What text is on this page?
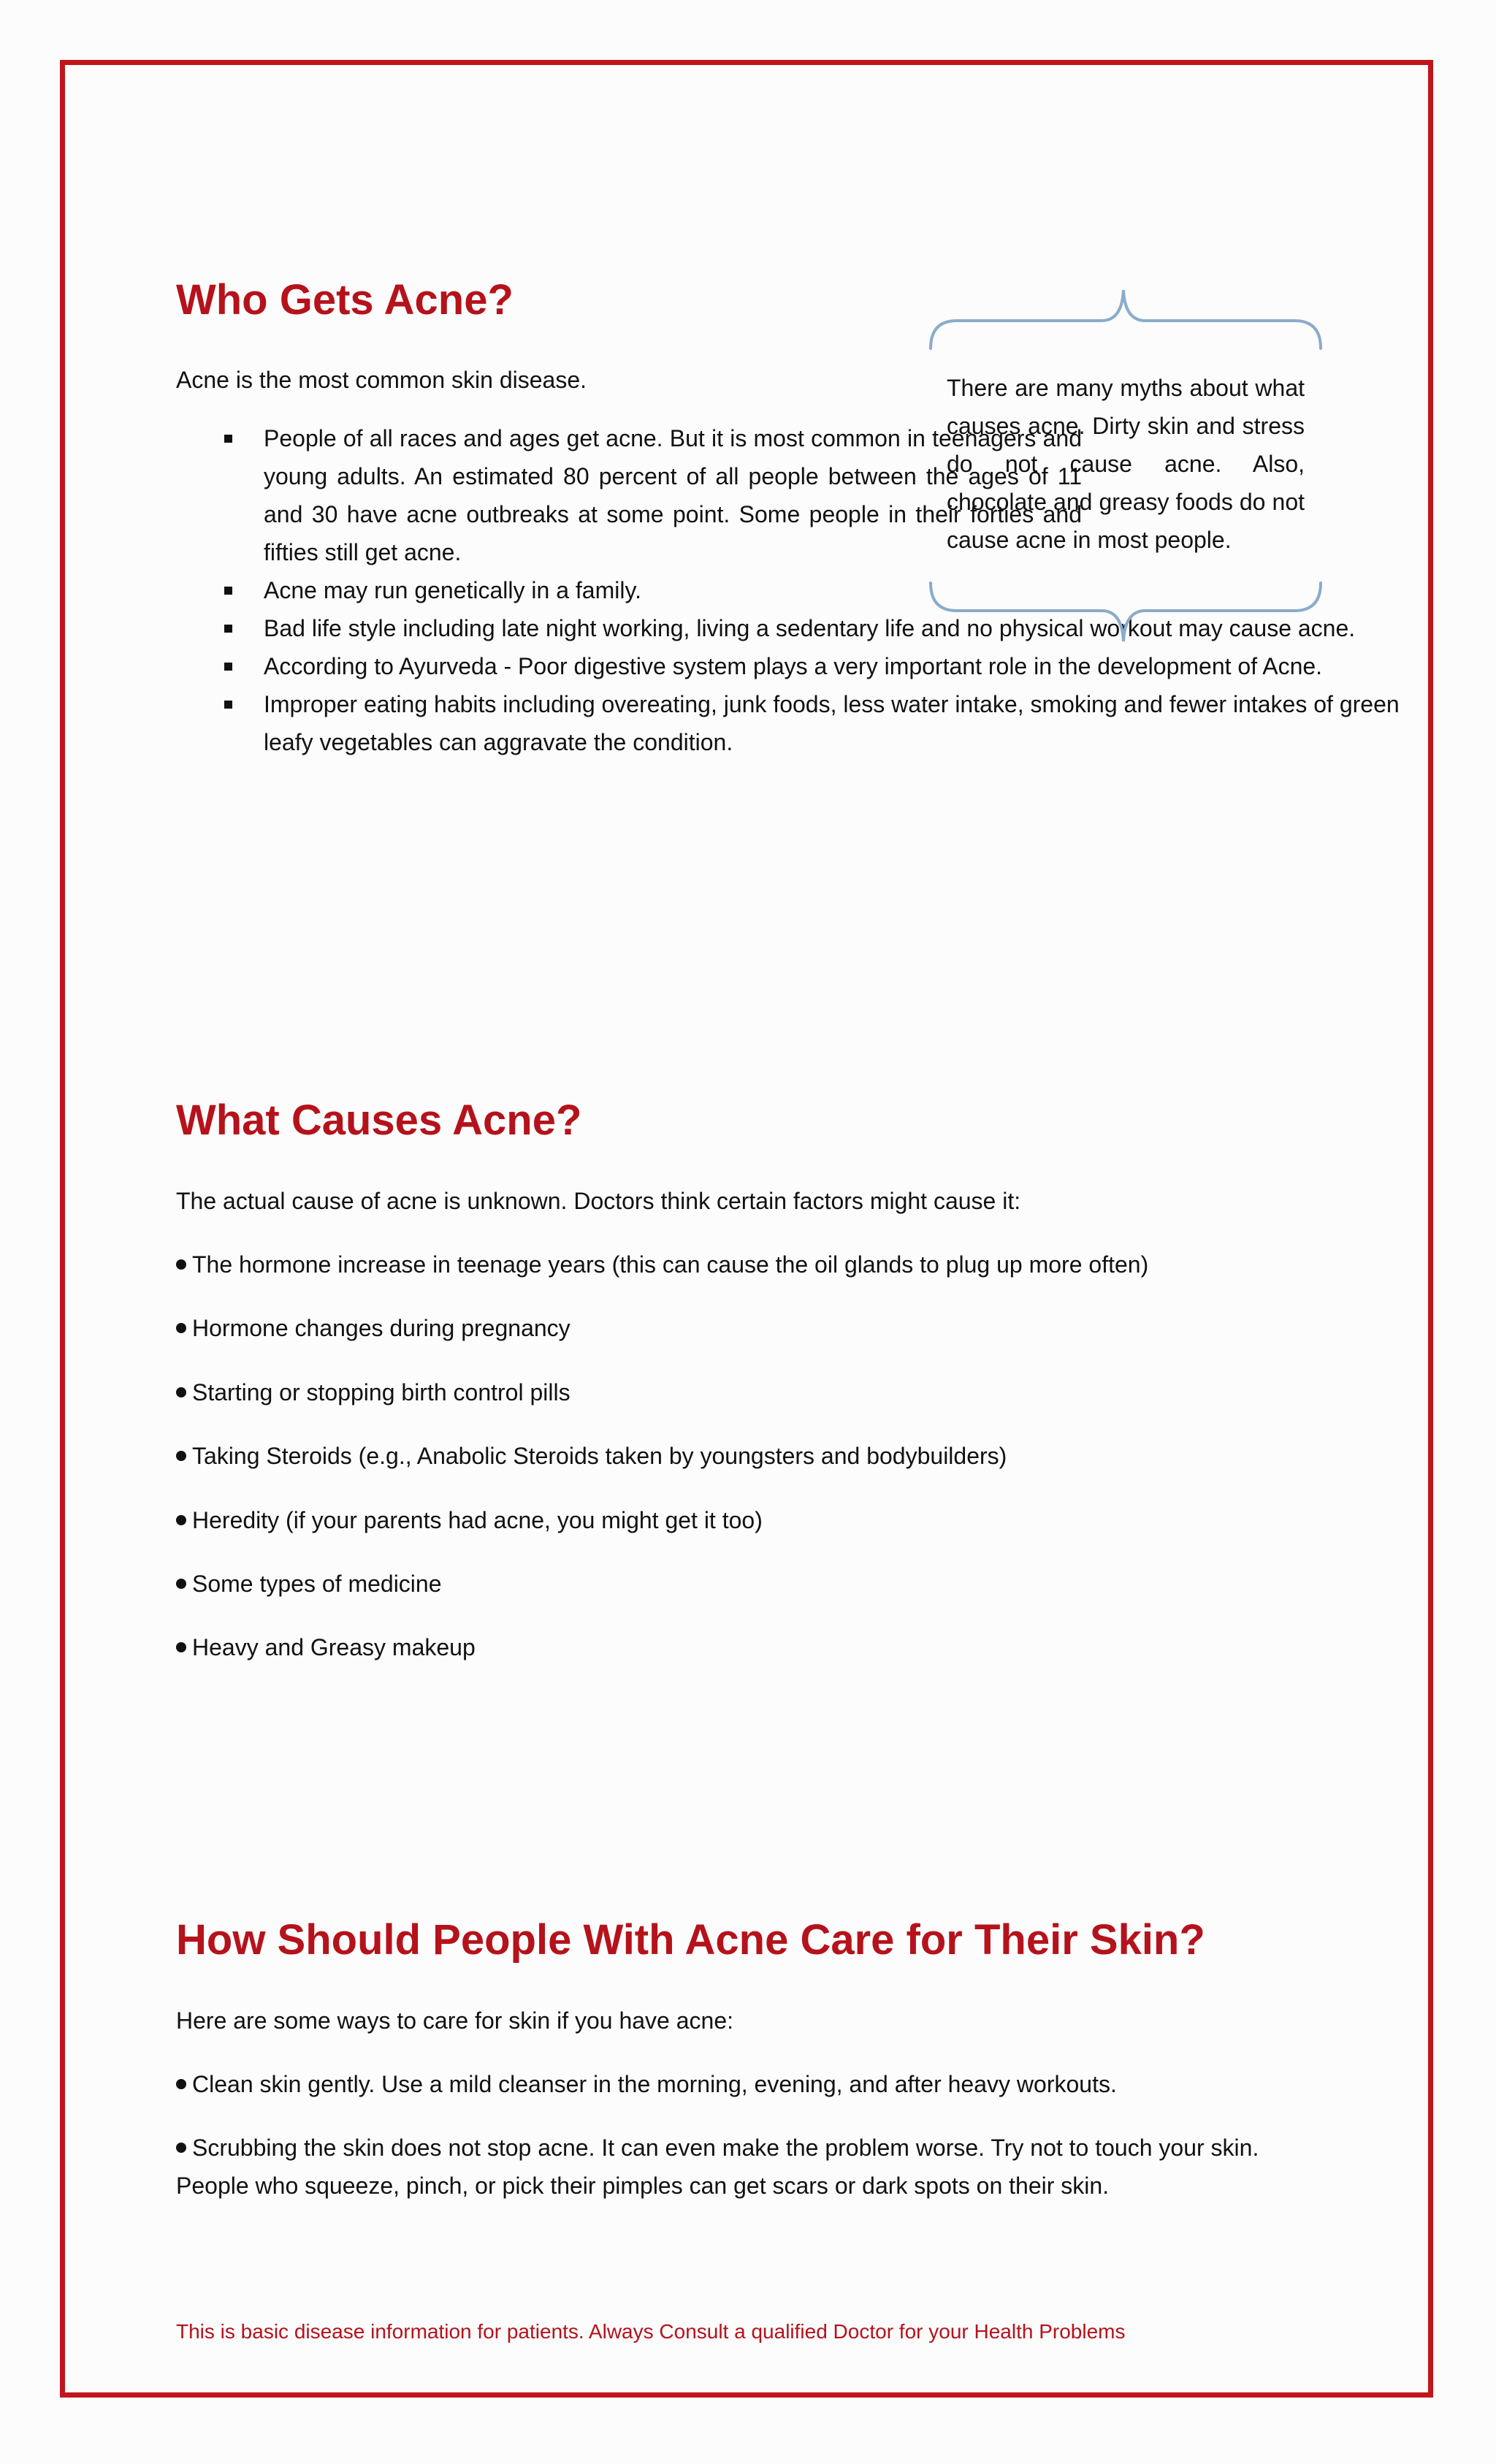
Who Gets Acne?

Acne is the most common skin disease.

People of all races and ages get acne. But it is most common in teenagers and young adults. An estimated 80 percent of all people between the ages of 11 and 30 have acne outbreaks at some point. Some people in their forties and fifties still get acne.
Acne may run genetically in a family.
Bad life style including late night working, living a sedentary life and no physical workout may cause acne.
According to Ayurveda - Poor digestive system plays a very important role in the development of Acne.
Improper eating habits including overeating, junk foods, less water intake, smoking and fewer intakes of green leafy vegetables can aggravate the condition.

There are many myths about what causes acne. Dirty skin and stress do not cause acne. Also, chocolate and greasy foods do not cause acne in most people.

What Causes Acne?

The actual cause of acne is unknown. Doctors think certain factors might cause it:

The hormone increase in teenage years (this can cause the oil glands to plug up more often)

Hormone changes during pregnancy

Starting or stopping birth control pills

Taking Steroids (e.g., Anabolic Steroids taken by youngsters and bodybuilders)

Heredity (if your parents had acne, you might get it too)

Some types of medicine

Heavy and Greasy makeup

How Should People With Acne Care for Their Skin?

Here are some ways to care for skin if you have acne:

Clean skin gently. Use a mild cleanser in the morning, evening, and after heavy workouts.

Scrubbing the skin does not stop acne. It can even make the problem worse. Try not to touch your skin. People who squeeze, pinch, or pick their pimples can get scars or dark spots on their skin.

This is basic disease information for patients. Always Consult a qualified Doctor for your Health Problems
